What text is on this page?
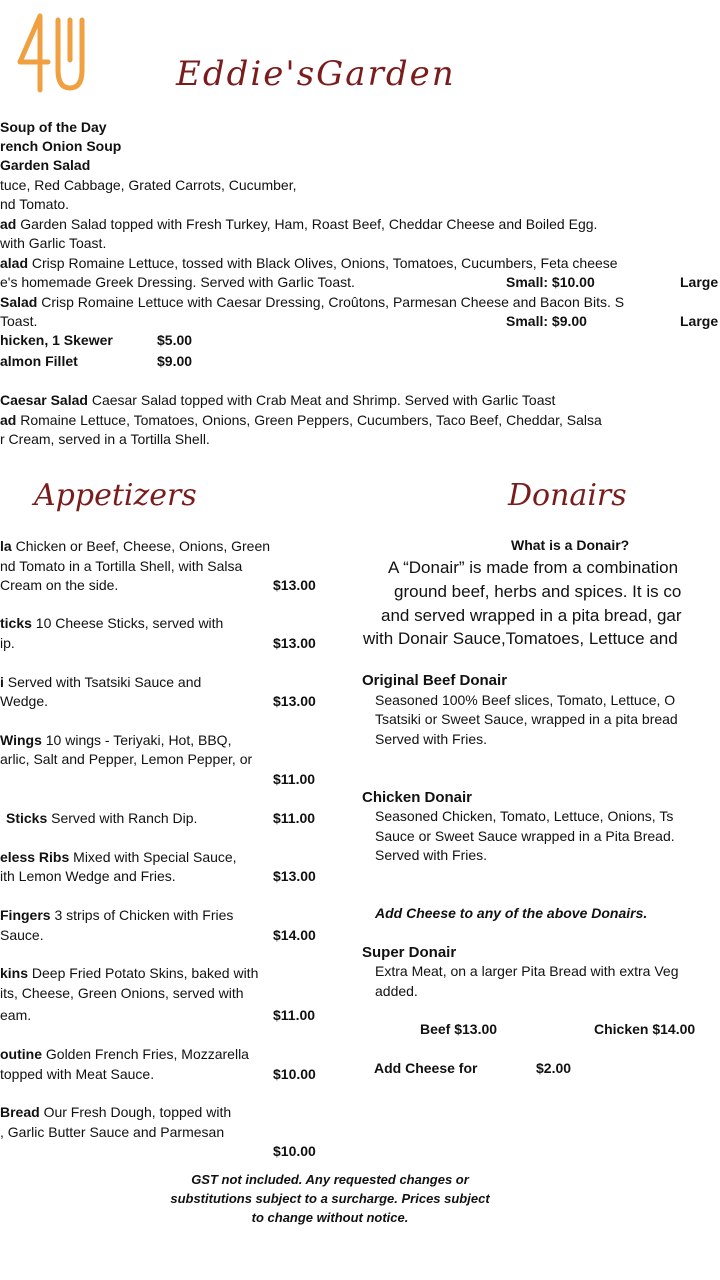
Eddie'sGarden
Soup of the Day
rench Onion Soup
Garden Salad
tuce, Red Cabbage, Grated Carrots, Cucumber,
nd Tomato.
ad Garden Salad topped with Fresh Turkey, Ham, Roast Beef, Cheddar Cheese and Boiled Egg.
with Garlic Toast.
alad Crisp Romaine Lettuce, tossed with Black Olives, Onions, Tomatoes, Cucumbers, Feta cheese
e's homemade Greek Dressing. Served with Garlic Toast.	Small: $10.00	Large
Salad Crisp Romaine Lettuce with Caesar Dressing, Croûtons, Parmesan Cheese and Bacon Bits. S
Toast.	Small: $9.00	Large
hicken, 1 Skewer	$5.00
almon Fillet	$9.00
Caesar Salad Caesar Salad topped with Crab Meat and Shrimp. Served with Garlic Toast
ad Romaine Lettuce, Tomatoes, Onions, Green Peppers, Cucumbers, Taco Beef, Cheddar, Salsa
r Cream, served in a Tortilla Shell.
Appetizers
la Chicken or Beef, Cheese, Onions, Green
nd Tomato in a Tortilla Shell, with Salsa
Cream on the side.	$13.00
ticks 10 Cheese Sticks, served with
ip.	$13.00
i Served with Tsatsiki Sauce and
Wedge.	$13.00
Wings 10 wings - Teriyaki, Hot, BBQ,
arlic, Salt and Pepper, Lemon Pepper, or
$11.00
Sticks Served with Ranch Dip.	$11.00
eless Ribs Mixed with Special Sauce,
ith Lemon Wedge and Fries.	$13.00
Fingers 3 strips of Chicken with Fries
Sauce.	$14.00
kins Deep Fried Potato Skins, baked with
its, Cheese, Green Onions, served with
eam.	$11.00
outine Golden French Fries, Mozzarella
topped with Meat Sauce.	$10.00
Bread Our Fresh Dough, topped with
, Garlic Butter Sauce and Parmesan
$10.00
Donairs
What is a Donair?
A “Donair” is made from a combination
ground beef, herbs and spices. It is co
and served wrapped in a pita bread, gar
with Donair Sauce,Tomatoes, Lettuce and
Original Beef Donair
Seasoned 100% Beef slices, Tomato, Lettuce, O
Tsatsiki or Sweet Sauce, wrapped in a pita bread
Served with Fries.
Chicken Donair
Seasoned Chicken, Tomato, Lettuce, Onions, Ts
Sauce or Sweet Sauce wrapped in a Pita Bread.
Served with Fries.
Add Cheese to any of the above Donairs.
Super Donair
Extra Meat, on a larger Pita Bread with extra Veg
added.
Beef $13.00	Chicken $14.00
Add Cheese for	$2.00
GST not included. Any requested changes or
substitutions subject to a surcharge. Prices subject
to change without notice.
